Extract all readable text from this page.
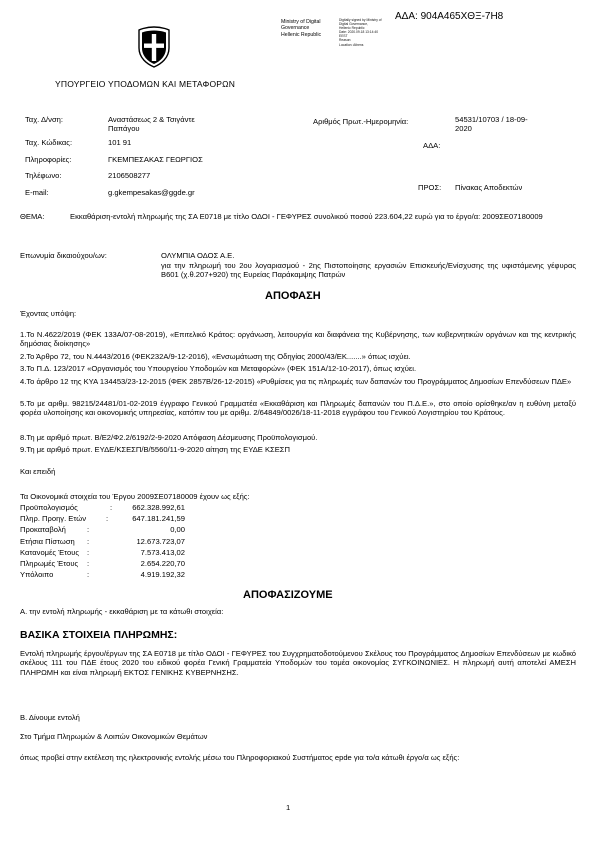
ΑΔΑ: 904Α465ΧΘΞ-7Η8
Ministry of Digital
Governance
Hellenic Republic
Digitally signed by Ministry of
Digital Governance,
Hellenic Republic
Date: 2020.09.18 13:14:40
EEST
Reason:
Location: Athens
ΥΠΟΥΡΓΕΙΟ ΥΠΟΔΟΜΩΝ ΚΑΙ ΜΕΤΑΦΟΡΩΝ
Ταχ. Δ/νση:	Αναστάσεως 2 & Τσιγάντε
Παπάγου
Ταχ. Κώδικας:	101 91
Πληροφορίες:	ΓΚΕΜΠΕΣΑΚΑΣ ΓΕΩΡΓΙΟΣ
Τηλέφωνο:	2106508277
E-mail:	g.gkempesakas@ggde.gr
Αριθμός Πρωτ.-Ημερομηνία:	54531/10703 / 18-09-
2020
ΑΔΑ:
ΠΡΟΣ: Πίνακας Αποδεκτών
ΘΕΜΑ:	Εκκαθάριση-εντολή πληρωμής της ΣΑ Ε0718 με τίτλο ΟΔΟΙ - ΓΕΦΥΡΕΣ συνολικού ποσού 223.604,22 ευρώ για το έργο/α: 2009ΣΕ07180009
Επωνυμία δικαιούχου/ων:	ΟΛΥΜΠΙΑ ΟΔΟΣ Α.Ε.
για την πληρωμή του 2ου λογαριασμού - 2ης Πιστοποίησης εργασιών Επισκευής/Ενίσχυσης της υφιστάμενης γέφυρας Β601 (χ.θ.207+920) της Ευρείας Παράκαμψης Πατρών
ΑΠΟΦΑΣΗ
Έχοντας υπόψη:
1.Το Ν.4622/2019 (ΦΕΚ 133Α/07-08-2019), «Επιτελικό Κράτος: οργάνωση, λειτουργία και διαφάνεια της Κυβέρνησης, των κυβερνητικών οργάνων και της κεντρικής δημόσιας διοίκησης»
2.Το Άρθρο 72, του Ν.4443/2016 (ΦΕΚ232Α/9-12-2016), «Ενσωμάτωση της Οδηγίας 2000/43/ΕΚ.......» όπως ισχύει.
3.Το Π.Δ. 123/2017 «Οργανισμός του Υπουργείου Υποδομών και Μεταφορών» (ΦΕΚ 151Α/12-10-2017), όπως ισχύει.
4.Το άρθρο 12 της ΚΥΑ 134453/23-12-2015 (ΦΕΚ 2857Β/26-12-2015) «Ρυθμίσεις για τις πληρωμές των δαπανών του Προγράμματος Δημοσίων Επενδύσεων ΠΔΕ»
5.Το με αριθμ. 98215/24481/01-02-2019 έγγραφο Γενικού Γραμματέα «Εκκαθάριση και Πληρωμές δαπανών του Π.Δ.Ε.», στο οποίο ορίσθηκε/αν η ευθύνη μεταξύ φορέα υλοποίησης και οικονομικής υπηρεσίας, κατόπιν του με αριθμ. 2/64849/0026/18-11-2018 εγγράφου του Γενικού Λογιστηρίου του Κράτους.
8.Τη με αριθμό πρωτ. Β/Ε2/Φ2.2/6192/2-9-2020 Απόφαση Δέσμευσης Προϋπολογισμού.
9.Τη με αριθμό πρωτ. ΕΥΔΕ/ΚΣΕΣΠ/Β/5560/11-9-2020 αίτηση της ΕΥΔΕ ΚΣΕΣΠ
Και επειδή
Τα Οικονομικά στοιχεία του Έργου 2009ΣΕ07180009 έχουν ως εξής:
Προϋπολογισμός	:	662.328.992,61
Πληρ. Προηγ. Ετών	:	647.181.241,59
Προκαταβολή	:	0,00
Ετήσια Πίστωση :	12.673.723,07
Κατανομές Έτους :	7.573.413,02
Πληρωμές Έτους :	2.654.220,70
Υπόλοιπο	:	4.919.192,32
ΑΠΟΦΑΣΙΖΟΥΜΕ
Α. την εντολή πληρωμής - εκκαθάριση με τα κάτωθι στοιχεία:
ΒΑΣΙΚΑ ΣΤΟΙΧΕΙΑ ΠΛΗΡΩΜΗΣ:
Εντολή πληρωμής έργου/έργων της ΣΑ Ε0718 με τίτλο ΟΔΟΙ - ΓΕΦΥΡΕΣ του Συγχρηματοδοτούμενου Σκέλους του Προγράμματος Δημοσίων Επενδύσεων με κωδικό σκέλους 111 του ΠΔΕ έτους 2020 του ειδικού φορέα Γενική Γραμματεία Υποδομών του τομέα οικονομίας ΣΥΓΚΟΙΝΩΝΙΕΣ. Η πληρωμή αυτή αποτελεί ΑΜΕΣΗ ΠΛΗΡΩΜΗ και είναι πληρωμή ΕΚΤΟΣ ΓΕΝΙΚΗΣ ΚΥΒΕΡΝΗΣΗΣ.
Β. Δίνουμε εντολή
Στο Τμήμα Πληρωμών & Λοιπών Οικονομικών Θεμάτων
όπως προβεί στην εκτέλεση της ηλεκτρονικής εντολής μέσω του Πληροφοριακού Συστήματος epde για το/α κάτωθι έργο/α ως εξής:
1
